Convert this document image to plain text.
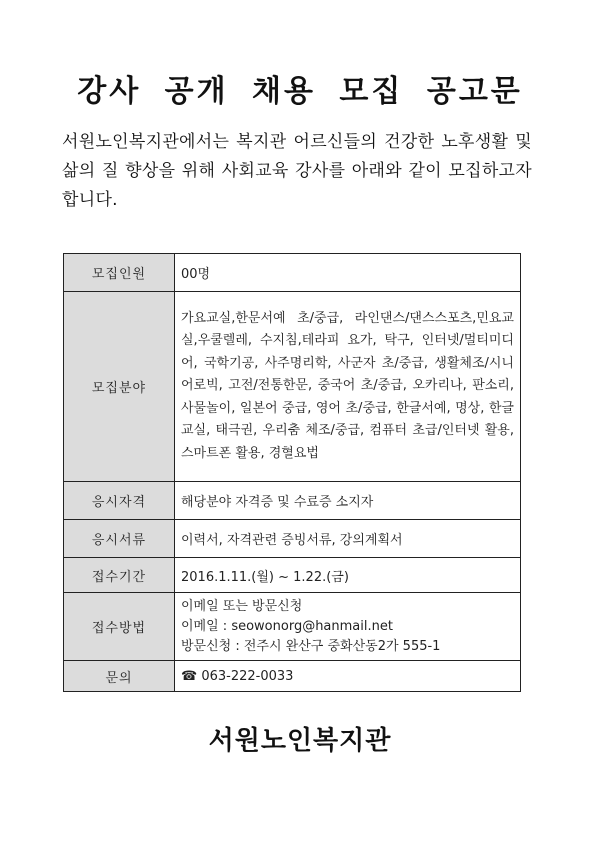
강사 공개 채용 모집 공고문
서원노인복지관에서는 복지관 어르신들의 건강한 노후생활 및 삶의 질 향상을 위해 사회교육 강사를 아래와 같이 모집하고자 합니다.
모집인원	00명
모집분야	가요교실,한문서예 초/중급, 라인댄스/댄스스포츠,민요교실,우쿨렐레, 수지침,테라피 요가, 탁구, 인터넷/멀티미디어, 국학기공, 사주명리학, 사군자 초/중급, 생활체조/시니어로빅, 고전/전통한문, 중국어 초/중급, 오카리나, 판소리, 사물놀이, 일본어 중급, 영어 초/중급, 한글서예, 명상, 한글교실, 태극권, 우리춤 체조/중급, 컴퓨터 초급/인터넷 활용, 스마트폰 활용, 경혈요법
응시자격	해당분야 자격증 및 수료증 소지자
응시서류	이력서, 자격관련 증빙서류, 강의계획서
접수기간	2016.1.11.(월) ~ 1.22.(금)
접수방법	이메일 또는 방문신청
이메일 : seowonorg@hanmail.net
방문신청 : 전주시 완산구 중화산동2가 555-1

문의	☎ 063-222-0033
서원노인복지관
